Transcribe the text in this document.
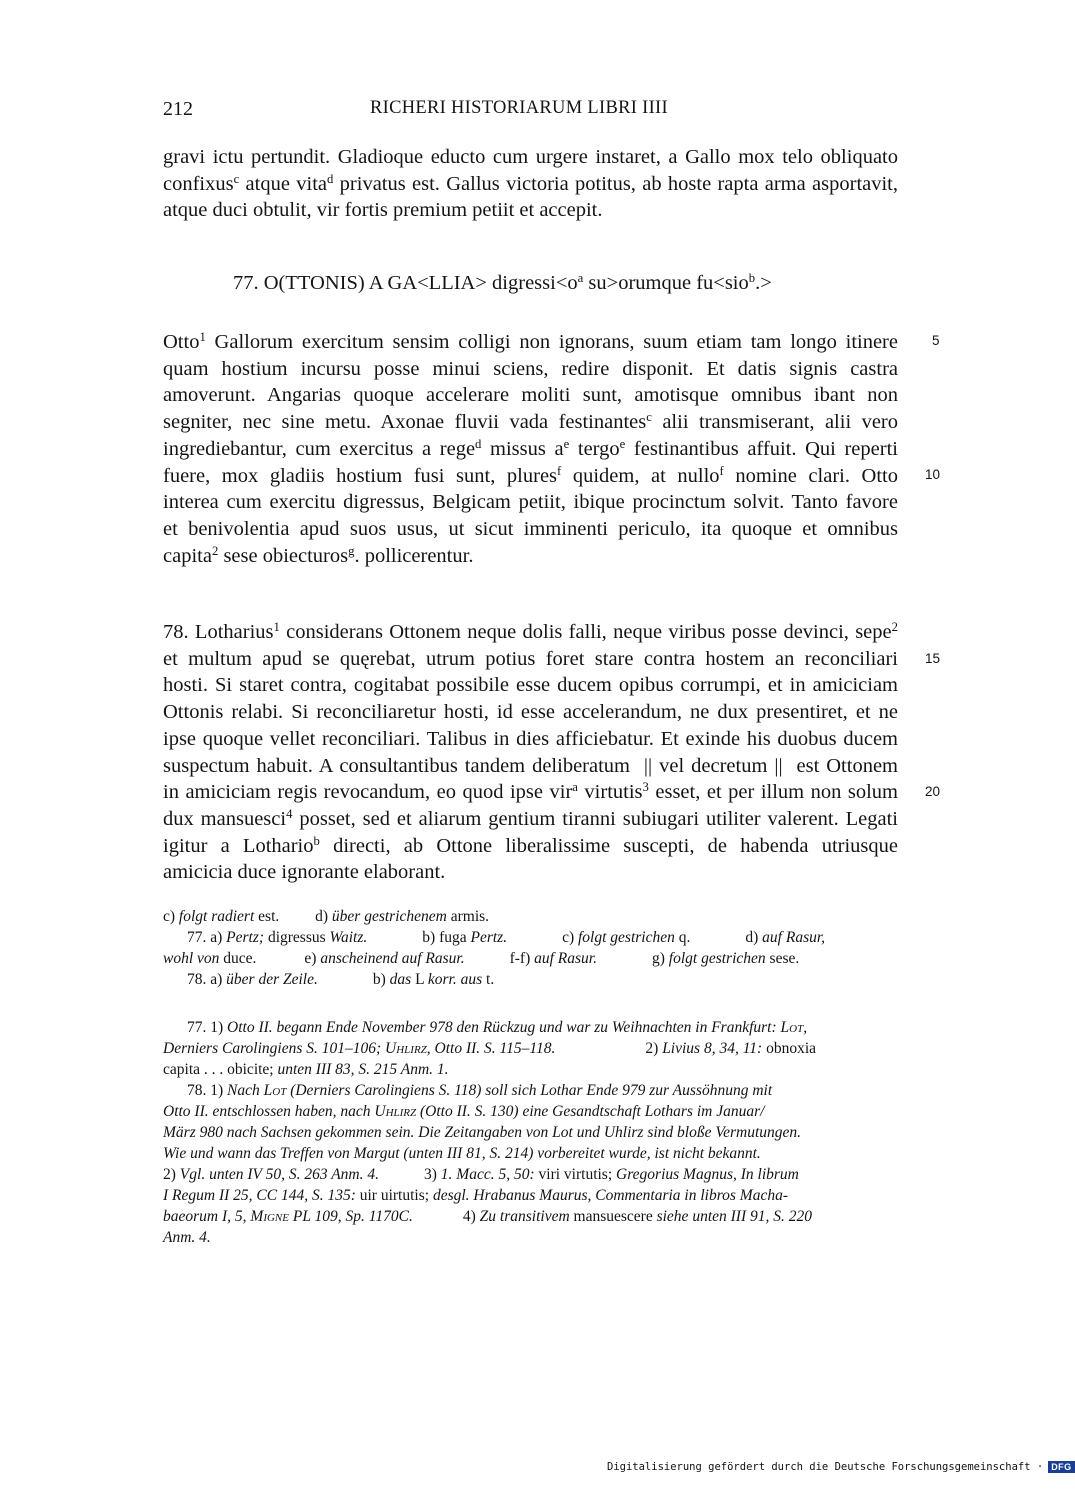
212	RICHERI HISTORIARUM LIBRI IIII

gravi ictu pertundit. Gladioque educto cum urgere instaret, a Gallo mox telo obliquato
confixus$^c$ atque vita$^d$ privatus est. Gallus victoria potitus, ab hoste rapta arma asportavit,
atque duci obtulit, vir fortis premium petiit et accepit.

77. O(TTONIS) A GA<LLIA> $digressi<o^a$ su>orumque fu<sio$^b$.>

Otto$^1$ Gallorum exercitum sensim colligi non ignorans, suum etiam tam longo itinere
quam hostium incursu posse minui sciens, redire disponit. Et datis signis castra
amoverunt. Angarias quoque accelerare moliti sunt, amotisque omnibus ibant non
segniter, nec sine metu. Axonae fluvii vada festinantes$^c$ alii transmiserant, alii vero
ingrediebantur, cum exercitus a rege$^d$ missus $a^e$ tergo$^e$ festinantibus affuit. Qui reperti
fuere, mox gladiis hostium fusi sunt, plures$^f$ quidem, at nullo$^f$ nomine clari. Otto
interea cum exercitu digressus, Belgicam petiit, ibique procinctum solvit. Tanto favore
et benivolentia apud suos usus, ut sicut imminenti periculo, ita quoque et omnibus
capita$^2$ sese obiecturos$^g$. pollicerentur.

78. Lotharius$^1$ considerans Ottonem neque dolis falli, neque viribus posse devinci, sepe$^2$
et multum apud se quęrebat, utrum potius foret stare contra hostem an reconciliari
hosti. Si staret contra, cogitabat possibile esse ducem opibus corrumpi, et in amiciciam
Ottonis relabi. Si reconciliaretur hosti, id esse accelerandum, ne dux presentiret, et ne
ipse quoque vellet reconciliari. Talibus in dies afficiebatur. Et exinde his duobus ducem
suspectum habuit. A consultantibus tandem deliberatum  || vel decretum ||  est Ottonem
in amiciciam regis revocandum, eo quod ipse vir$^a$ virtutis$^3$ esset, et per illum non solum
dux mansuesci$^4$ posset, sed et aliarum gentium tiranni subiugari utiliter valerent. Legati
igitur a Lothario$^b$ directi, ab Ottone liberalissime suscepti, de habenda utriusque
amicicia duce ignorante elaborant.

5
10
15
20
c) folgt radiert est. d) über gestrichenem armis.
77. a) Pertz; digressus Waitz.	b) fuga Pertz.	c) folgt gestrichen q.	d) auf Rasur,
wohl von duce.	e) anscheinend auf Rasur.	f-f) auf Rasur.	g) folgt gestrichen sese.
78. a) über der Zeile.	b) das L korr. aus t.
77. 1) Otto II. begann Ende November 978 den Rückzug und war zu Weihnachten in Frankfurt: Lot,
Derniers Carolingiens S. 101–106; Uhlirz, Otto II. S. 115–118.	2) Livius 8, 34, 11: obnoxia
capita . . . obicite; unten III 83, S. 215 Anm. 1.
78. 1) Nach Lot (Derniers Carolingiens S. 118) soll sich Lothar Ende 979 zur Aussöhnung mit
Otto II. entschlossen haben, nach Uhlirz (Otto II. S. 130) eine Gesandtschaft Lothars im Januar/
März 980 nach Sachsen gekommen sein. Die Zeitangaben von Lot und Uhlirz sind bloße Vermutungen.
Wie und wann das Treffen von Margut (unten III 81, S. 214) vorbereitet wurde, ist nicht bekannt.
2) Vgl. unten IV 50, S. 263 Anm. 4.	3) 1. Macc. 5, 50: viri virtutis; Gregorius Magnus, In librum
I Regum II 25, CC 144, S. 135: uir uirtutis; desgl. Hrabanus Maurus, Commentaria in libros Macha-
baeorum I, 5, Migne PL 109, Sp. 1170C.	4) Zu transitivem mansuescere siehe unten III 91, S. 220
Anm. 4.
Digitalisierung gefördert durch die Deutsche Forschungsgemeinschaft · DFG
